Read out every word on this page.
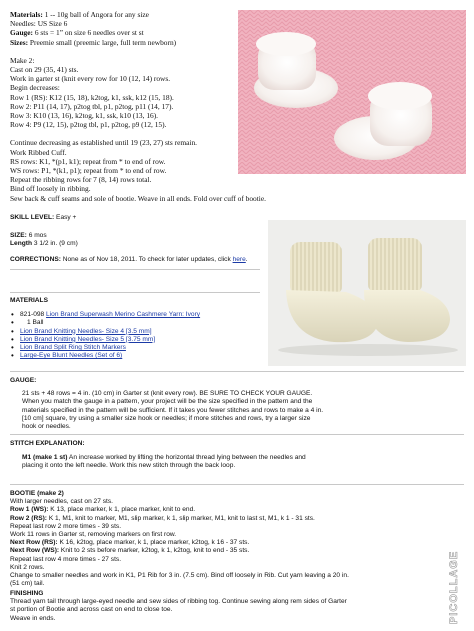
Materials: 1 -- 10g ball of Angora for any size
Needles: US Size 6
Gauge: 6 sts = 1” on size 6 needles over st st
Sizes: Preemie small (preemic large, full term newborn)
Make 2:
Cast on 29 (35, 41) sts.
Work in garter st (knit every row for 10 (12, 14) rows.
Begin decreases:
Row 1 (RS): K12 (15, 18), k2tog, k1, ssk, k12 (15, 18).
Row 2: P11 (14, 17), p2tog tbl, p1, p2tog, p11 (14, 17).
Row 3: K10 (13, 16), k2tog, k1, ssk, k10 (13, 16).
Row 4: P9 (12, 15), p2tog tbl, p1, p2tog, p9 (12, 15).
Continue decreasing as established until 19 (23, 27) sts remain.
Work Ribbed Cuff.
RS rows: K1, *(p1, k1); repeat from * to end of row.
WS rows: P1, *(k1, p1); repeat from * to end of row.
Repeat the ribbing rows for 7 (8, 14) rows total.
Bind off loosely in ribbing.
Sew back & cuff seams and sole of bootie. Weave in all ends. Fold over cuff of bootie.
SKILL LEVEL: Easy +
SIZE: 6 mos
Length 3 1/2 in. (9 cm)
CORRECTIONS: None as of Nov 18, 2011. To check for later updates, click here.
MATERIALS
• 821-098 Lion Brand Superwash Merino Cashmere Yarn: Ivory
• 1 Ball
• Lion Brand Knitting Needles- Size 4 [3.5 mm]
• Lion Brand Knitting Needles- Size 5 [3.75 mm]
• Lion Brand Split Ring Stitch Markers
• Large-Eye Blunt Needles (Set of 6)
GAUGE:
21 sts + 48 rows = 4 in. (10 cm) in Garter st (knit every row). BE SURE TO CHECK YOUR GAUGE.
When you match the gauge in a pattern, your project will be the size specified in the pattern and the
materials specified in the pattern will be sufficient. If it takes you fewer stitches and rows to make a 4 in.
[10 cm] square, try using a smaller size hook or needles; if more stitches and rows, try a larger size
hook or needles.
STITCH EXPLANATION:
M1 (make 1 st) An increase worked by lifting the horizontal thread lying between the needles and
placing it onto the left needle. Work this new stitch through the back loop.
BOOTIE (make 2)
With larger needles, cast on 27 sts.
Row 1 (WS): K 13, place marker, k 1, place marker, knit to end.
Row 2 (RS): K 1, M1, knit to marker, M1, slip marker, k 1, slip marker, M1, knit to last st, M1, k 1 - 31 sts.
Repeat last row 2 more times - 39 sts.
Work 11 rows in Garter st, removing markers on first row.
Next Row (RS): K 16, k2tog, place marker, k 1, place marker, k2tog, k 16 - 37 sts.
Next Row (WS): Knit to 2 sts before marker, k2tog, k 1, k2tog, knit to end - 35 sts.
Repeat last row 4 more times - 27 sts.
Knit 2 rows.
Change to smaller needles and work in K1, P1 Rib for 3 in. (7.5 cm). Bind off loosely in Rib. Cut yarn leaving a 20 in.
(51 cm) tail.
FINISHING
Thread yarn tail through large-eyed needle and sew sides of ribbing tog. Continue sewing along rem sides of Garter
st portion of Bootie and across cast on end to close toe.
Weave in ends.	PICOLLAGE
